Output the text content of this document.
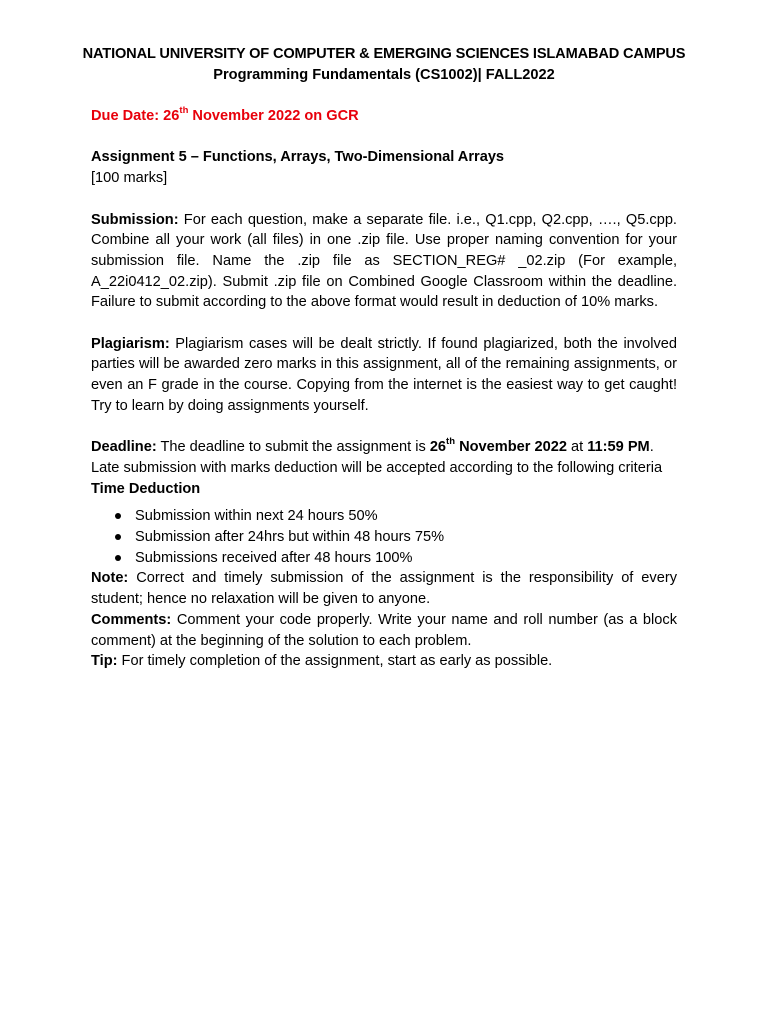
NATIONAL UNIVERSITY OF COMPUTER & EMERGING SCIENCES ISLAMABAD CAMPUS
Programming Fundamentals (CS1002)| FALL2022
Due Date: 26th November 2022 on GCR
Assignment 5 – Functions, Arrays, Two-Dimensional Arrays
[100 marks]
Submission: For each question, make a separate file. i.e., Q1.cpp, Q2.cpp, …., Q5.cpp. Combine all your work (all files) in one .zip file. Use proper naming convention for your submission file. Name the .zip file as SECTION_REG# _02.zip (For example, A_22i0412_02.zip). Submit .zip file on Combined Google Classroom within the deadline. Failure to submit according to the above format would result in deduction of 10% marks.
Plagiarism: Plagiarism cases will be dealt strictly. If found plagiarized, both the involved parties will be awarded zero marks in this assignment, all of the remaining assignments, or even an F grade in the course. Copying from the internet is the easiest way to get caught! Try to learn by doing assignments yourself.
Deadline: The deadline to submit the assignment is 26th November 2022 at 11:59 PM.
Late submission with marks deduction will be accepted according to the following criteria
Time Deduction
Submission within next 24 hours 50%
Submission after 24hrs but within 48 hours 75%
Submissions received after 48 hours 100%
Note: Correct and timely submission of the assignment is the responsibility of every student; hence no relaxation will be given to anyone.
Comments: Comment your code properly. Write your name and roll number (as a block comment) at the beginning of the solution to each problem.
Tip: For timely completion of the assignment, start as early as possible.
